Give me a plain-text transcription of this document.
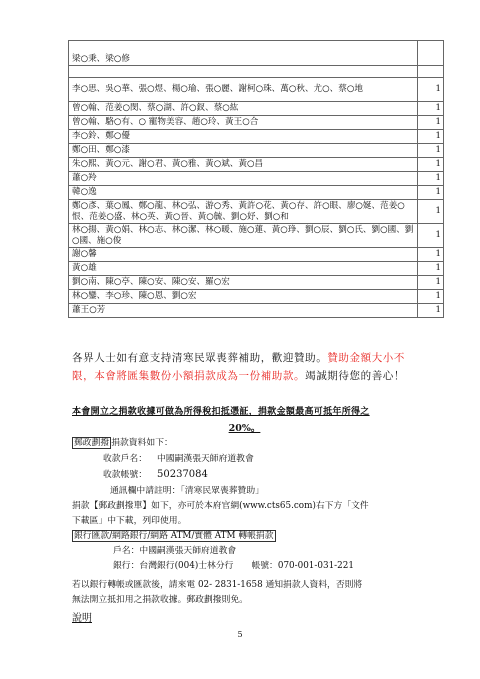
梁○秉、梁○修	

李○思、吳○華、張○煜、楊○瑜、張○麗、謝柯○珠、萬○秋、尤○、蔡○地	1
曾○翰、范姜○閔、蔡○湖、許○釵、蔡○紘	1
曾○翰、駱○有、○ 寵物美容、趙○玲、黃王○合	1
李○鈴、鄭○優	1
鄭○田、鄭○漆	1
朱○熙、黃○元、謝○君、黃○雅、黃○斌、黃○昌	1
蕭○羚	1
韓○逸	1
鄭○彥、葉○鳳、鄭○龍、林○弘、游○秀、黃許○花、黃○存、許○眼、廖○娫、范姜○恨、范姜○盛、林○英、黃○晉、黃○毓、劉○妤、劉○和	1
林○揚、黃○娟、林○志、林○潔、林○暖、施○蓮、黃○琤、劉○辰、劉○氏、劉○國、劉○國、施○俊	1
謝○馨	1
黃○雄	1
劉○南、陳○亭、陳○安、陳○安、羅○宏	1
林○鑾、李○珍、陳○恩、劉○宏	1
蕭王○芳	1
各界人士如有意支持清寒民眾喪葬補助，歡迎贊助。贊助金額大小不限，本會將匯集數份小額捐款成為一份補助款。竭誠期待您的善心！
本會開立之捐款收據可做為所得稅扣抵憑証，捐款金額最高可抵年所得之
20%。
郵政劃撥 捐款資料如下：
收款戶名： 中國嗣漢張天師府道教會
收款帳號： 50237084
通訊欄中請註明：「清寒民眾喪葬贊助」
捐款【郵政劃撥單】如下，亦可於本府官網(www.cts65.com)右下方「文件
下載區」中下載，列印使用。
銀行匯款/網路銀行/網路 ATM/實體 ATM 轉帳捐款
戶名：中國嗣漢張天師府道教會
銀行：台灣銀行(004)士林分行 帳號：070-001-031-221
若以銀行轉帳或匯款後，請來電 02- 2831-1658 通知捐款人資料，否則將
無法開立抵扣用之捐款收據。郵政劃撥則免。
說明
5
